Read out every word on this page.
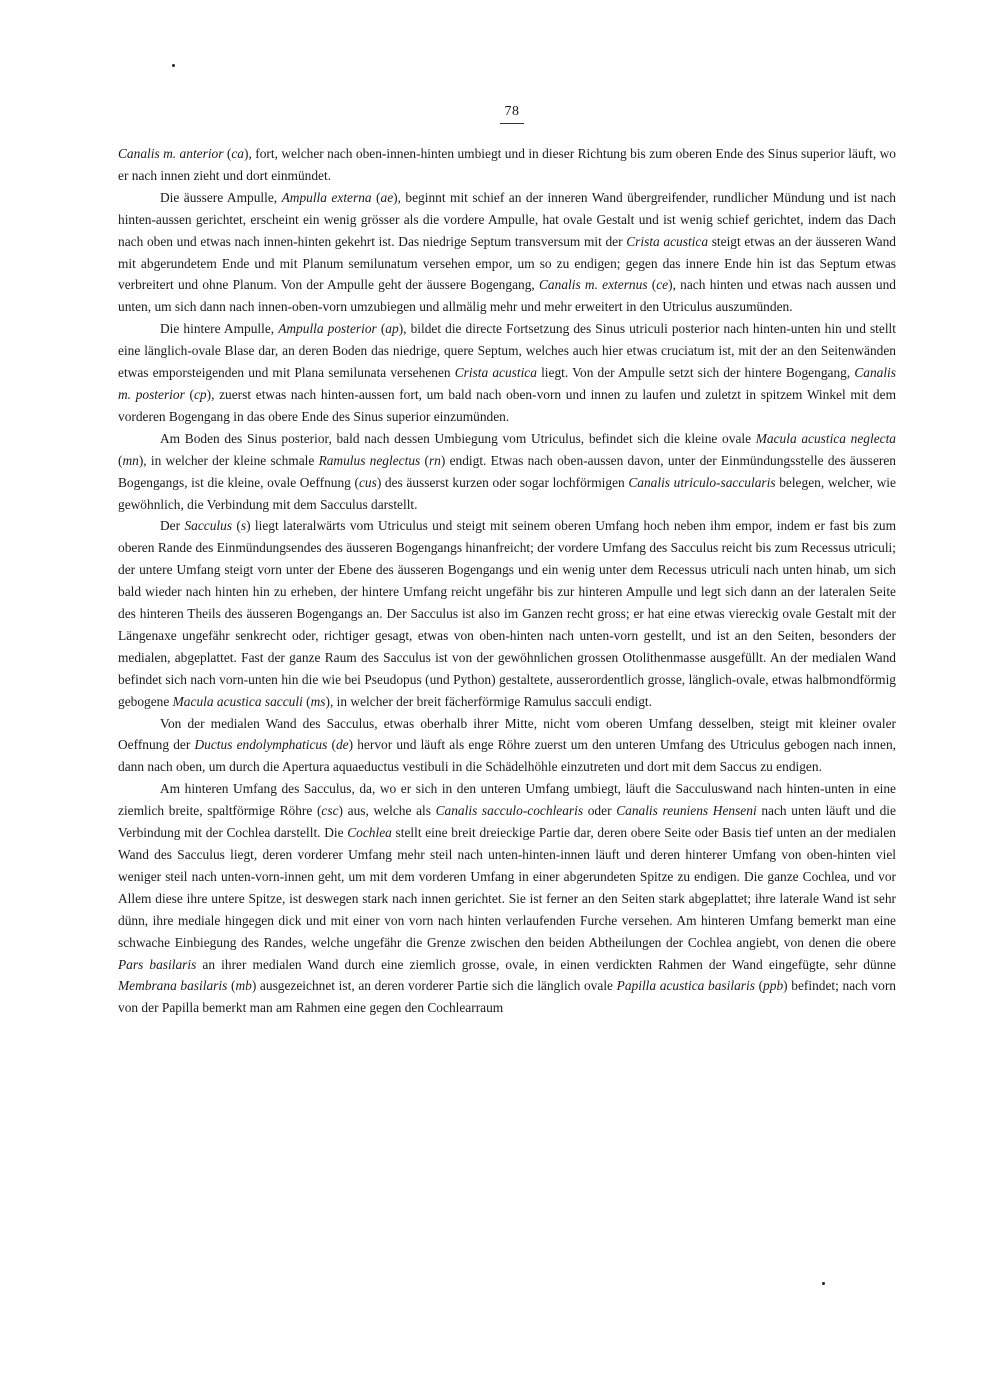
78

Canalis m. anterior (ca), fort, welcher nach oben-innen-hinten umbiegt und in dieser Richtung bis zum oberen Ende des Sinus superior läuft, wo er nach innen zieht und dort einmündet.

Die äussere Ampulle, Ampulla externa (ae), beginnt mit schief an der inneren Wand übergreifender, rundlicher Mündung und ist nach hinten-aussen gerichtet, erscheint ein wenig grösser als die vordere Ampulle, hat ovale Gestalt und ist wenig schief gerichtet, indem das Dach nach oben und etwas nach innen-hinten gekehrt ist. Das niedrige Septum transversum mit der Crista acustica steigt etwas an der äusseren Wand mit abgerundetem Ende und mit Planum semilunatum versehen empor, um so zu endigen; gegen das innere Ende hin ist das Septum etwas verbreitert und ohne Planum. Von der Ampulle geht der äussere Bogengang, Canalis m. externus (ce), nach hinten und etwas nach aussen und unten, um sich dann nach innen-oben-vorn umzubiegen und allmälig mehr und mehr erweitert in den Utriculus auszumünden.

Die hintere Ampulle, Ampulla posterior (ap), bildet die directe Fortsetzung des Sinus utriculi posterior nach hinten-unten hin und stellt eine länglich-ovale Blase dar, an deren Boden das niedrige, quere Septum, welches auch hier etwas cruciatum ist, mit der an den Seitenwänden etwas emporsteigenden und mit Plana semilunata versehenen Crista acustica liegt. Von der Ampulle setzt sich der hintere Bogengang, Canalis m. posterior (cp), zuerst etwas nach hinten-aussen fort, um bald nach oben-vorn und innen zu laufen und zuletzt in spitzem Winkel mit dem vorderen Bogengang in das obere Ende des Sinus superior einzumünden.

Am Boden des Sinus posterior, bald nach dessen Umbiegung vom Utriculus, befindet sich die kleine ovale Macula acustica neglecta (mn), in welcher der kleine schmale Ramulus neglectus (rn) endigt. Etwas nach oben-aussen davon, unter der Einmündungsstelle des äusseren Bogengangs, ist die kleine, ovale Oeffnung (cus) des äusserst kurzen oder sogar lochförmigen Canalis utriculo-saccularis belegen, welcher, wie gewöhnlich, die Verbindung mit dem Sacculus darstellt.

Der Sacculus (s) liegt lateralwärts vom Utriculus und steigt mit seinem oberen Umfang hoch neben ihm empor, indem er fast bis zum oberen Rande des Einmündungsendes des äusseren Bogengangs hinanfreicht; der vordere Umfang des Sacculus reicht bis zum Recessus utriculi; der untere Umfang steigt vorn unter der Ebene des äusseren Bogengangs und ein wenig unter dem Recessus utriculi nach unten hinab, um sich bald wieder nach hinten hin zu erheben, der hintere Umfang reicht ungefähr bis zur hinteren Ampulle und legt sich dann an der lateralen Seite des hinteren Theils des äusseren Bogengangs an. Der Sacculus ist also im Ganzen recht gross; er hat eine etwas viereckig ovale Gestalt mit der Längenaxe ungefähr senkrecht oder, richtiger gesagt, etwas von oben-hinten nach unten-vorn gestellt, und ist an den Seiten, besonders der medialen, abgeplattet. Fast der ganze Raum des Sacculus ist von der gewöhnlichen grossen Otolithenmasse ausgefüllt. An der medialen Wand befindet sich nach vorn-unten hin die wie bei Pseudopus (und Python) gestaltete, ausserordentlich grosse, länglich-ovale, etwas halbmondförmig gebogene Macula acustica sacculi (ms), in welcher der breit fächerförmige Ramulus sacculi endigt.

Von der medialen Wand des Sacculus, etwas oberhalb ihrer Mitte, nicht vom oberen Umfang desselben, steigt mit kleiner ovaler Oeffnung der Ductus endolymphaticus (de) hervor und läuft als enge Röhre zuerst um den unteren Umfang des Utriculus gebogen nach innen, dann nach oben, um durch die Apertura aquaeductus vestibuli in die Schädelhöhle einzutreten und dort mit dem Saccus zu endigen.

Am hinteren Umfang des Sacculus, da, wo er sich in den unteren Umfang umbiegt, läuft die Sacculuswand nach hinten-unten in eine ziemlich breite, spaltförmige Röhre (csc) aus, welche als Canalis sacculo-cochlearis oder Canalis reuniens Henseni nach unten läuft und die Verbindung mit der Cochlea darstellt. Die Cochlea stellt eine breit dreieckige Partie dar, deren obere Seite oder Basis tief unten an der medialen Wand des Sacculus liegt, deren vorderer Umfang mehr steil nach unten-hinten-innen läuft und deren hinterer Umfang von oben-hinten viel weniger steil nach unten-vorn-innen geht, um mit dem vorderen Umfang in einer abgerundeten Spitze zu endigen. Die ganze Cochlea, und vor Allem diese ihre untere Spitze, ist deswegen stark nach innen gerichtet. Sie ist ferner an den Seiten stark abgeplattet; ihre laterale Wand ist sehr dünn, ihre mediale hingegen dick und mit einer von vorn nach hinten verlaufenden Furche versehen. Am hinteren Umfang bemerkt man eine schwache Einbiegung des Randes, welche ungefähr die Grenze zwischen den beiden Abtheilungen der Cochlea angiebt, von denen die obere Pars basilaris an ihrer medialen Wand durch eine ziemlich grosse, ovale, in einen verdickten Rahmen der Wand eingefügte, sehr dünne Membrana basilaris (mb) ausgezeichnet ist, an deren vorderer Partie sich die länglich ovale Papilla acustica basilaris (ppb) befindet; nach vorn von der Papilla bemerkt man am Rahmen eine gegen den Cochlearraum
